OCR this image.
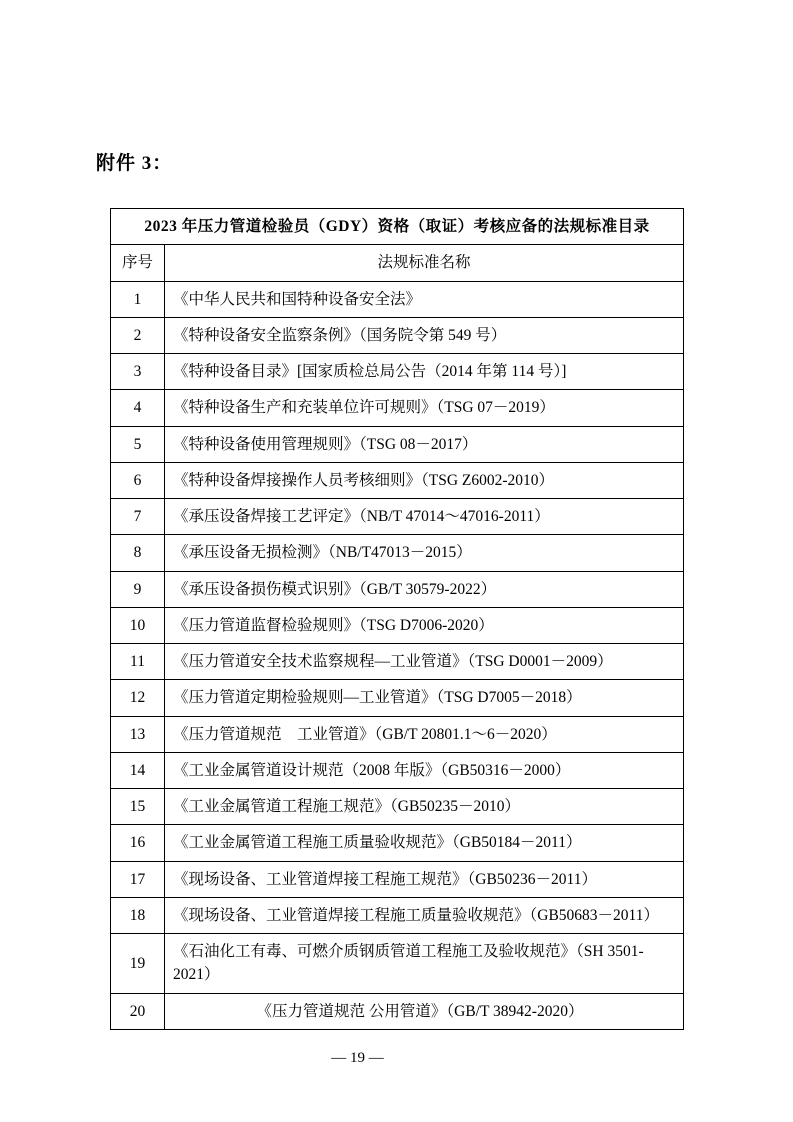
附件 3：
2023 年压力管道检验员（GDY）资格（取证）考核应备的法规标准目录	
序号	法规标准名称
1	《中华人民共和国特种设备安全法》
2	《特种设备安全监察条例》（国务院令第 549 号）
3	《特种设备目录》[国家质检总局公告（2014 年第 114 号）]
4	《特种设备生产和充装单位许可规则》（TSG 07－2019）
5	《特种设备使用管理规则》（TSG 08－2017）
6	《特种设备焊接操作人员考核细则》（TSG Z6002-2010）
7	《承压设备焊接工艺评定》（NB/T 47014～47016-2011）
8	《承压设备无损检测》（NB/T47013－2015）
9	《承压设备损伤模式识别》（GB/T 30579-2022）
10	《压力管道监督检验规则》（TSG D7006-2020）
11	《压力管道安全技术监察规程—工业管道》（TSG D0001－2009）
12	《压力管道定期检验规则—工业管道》（TSG D7005－2018）
13	《压力管道规范　工业管道》（GB/T 20801.1～6－2020）
14	《工业金属管道设计规范（2008 年版》（GB50316－2000）
15	《工业金属管道工程施工规范》（GB50235－2010）
16	《工业金属管道工程施工质量验收规范》（GB50184－2011）
17	《现场设备、工业管道焊接工程施工规范》（GB50236－2011）
18	《现场设备、工业管道焊接工程施工质量验收规范》（GB50683－2011）
19	《石油化工有毒、可燃介质钢质管道工程施工及验收规范》（SH 3501-2021）
20	《压力管道规范 公用管道》（GB/T 38942-2020）
— 19 —
